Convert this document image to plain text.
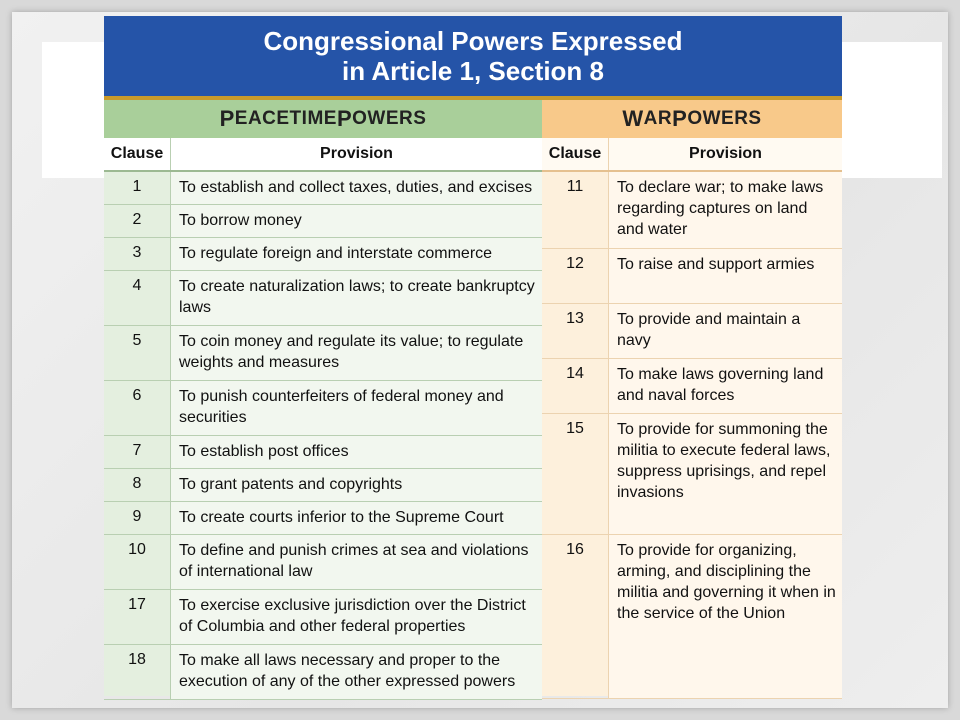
Congressional Powers Expressed
in Article 1, Section 8
P EACETIME P OWERS
Clause	Provision
1	To establish and collect taxes, duties, and excises
2	To borrow money
3	To regulate foreign and interstate commerce
4	To create naturalization laws; to create bankruptcy laws
5	To coin money and regulate its value; to regulate weights and measures
6	To punish counterfeiters of federal money and securities
7	To establish post offices
8	To grant patents and copyrights
9	To create courts inferior to the Supreme Court
10	To define and punish crimes at sea and violations of international law
17	To exercise exclusive jurisdiction over the District of Columbia and other federal properties
18	To make all laws necessary and proper to the execution of any of the other expressed powers
W AR P OWERS
Clause	Provision
11	To declare war; to make laws regarding captures on land and water
12	To raise and support armies
13	To provide and maintain a navy
14	To make laws governing land and naval forces
15	To provide for summoning the militia to execute federal laws, suppress uprisings, and repel invasions
16	To provide for organizing, arming, and disciplining the militia and governing it when in the service of the Union
